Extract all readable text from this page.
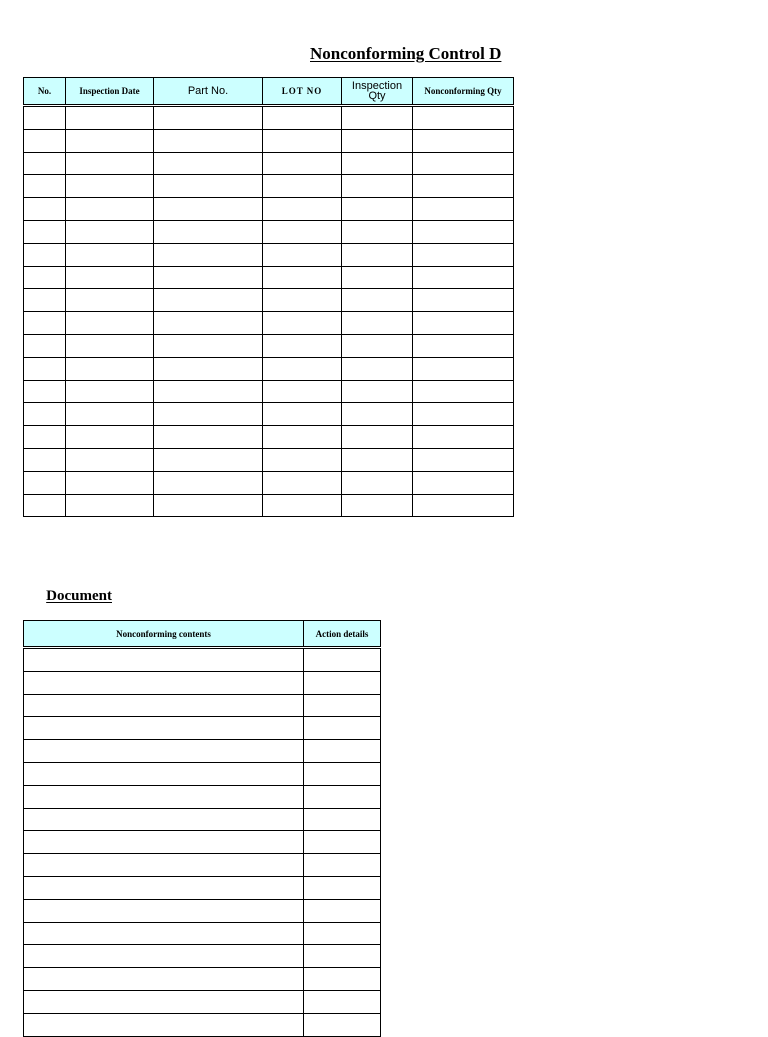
Nonconforming Control D
No.	Inspection Date	Part No.	LOT NO	Inspection Qty	Nonconforming Qty

Document
Nonconforming contents	Action details
